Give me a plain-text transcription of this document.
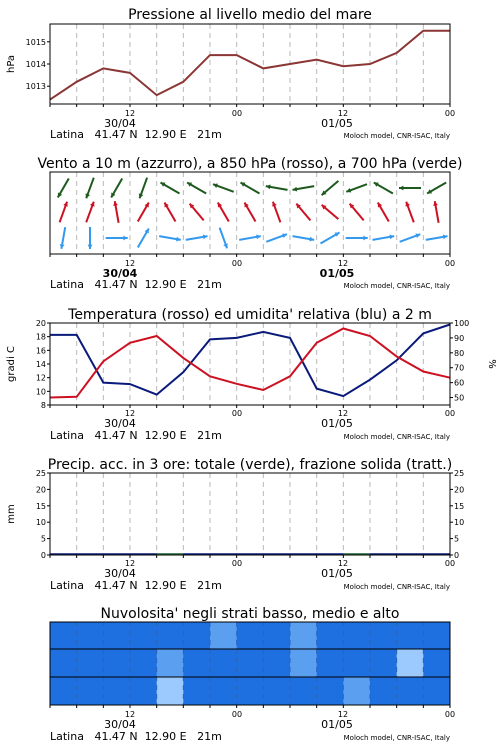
Pressione al livello medio del mare
hPa
1013
1014
1015
12	00	12	00
30/04	01/05
Latina   41.47 N  12.90 E   21m	Moloch model, CNR-ISAC, Italy
Vento a 10 m (azzurro), a 850 hPa (rosso), a 700 hPa (verde)
12	00	12	00
30/04	01/05
Latina   41.47 N  12.90 E   21m	Moloch model, CNR-ISAC, Italy
Temperatura (rosso) ed umidita' relativa (blu) a 2 m
gradi C	%
8
10
12
14
16
18
20
50
60
70
80
90
100
12	00	12	00
30/04	01/05
Latina   41.47 N  12.90 E   21m	Moloch model, CNR-ISAC, Italy
Precip. acc. in 3 ore: totale (verde), frazione solida (tratt.)
mm
0
5
10
15
20
25
0
5
10
15
20
25
12	00	12	00
30/04	01/05
Latina   41.47 N  12.90 E   21m	Moloch model, CNR-ISAC, Italy
Nuvolosita' negli strati basso, medio e alto
12	00	12	00
30/04	01/05
Latina   41.47 N  12.90 E   21m	Moloch model, CNR-ISAC, Italy
